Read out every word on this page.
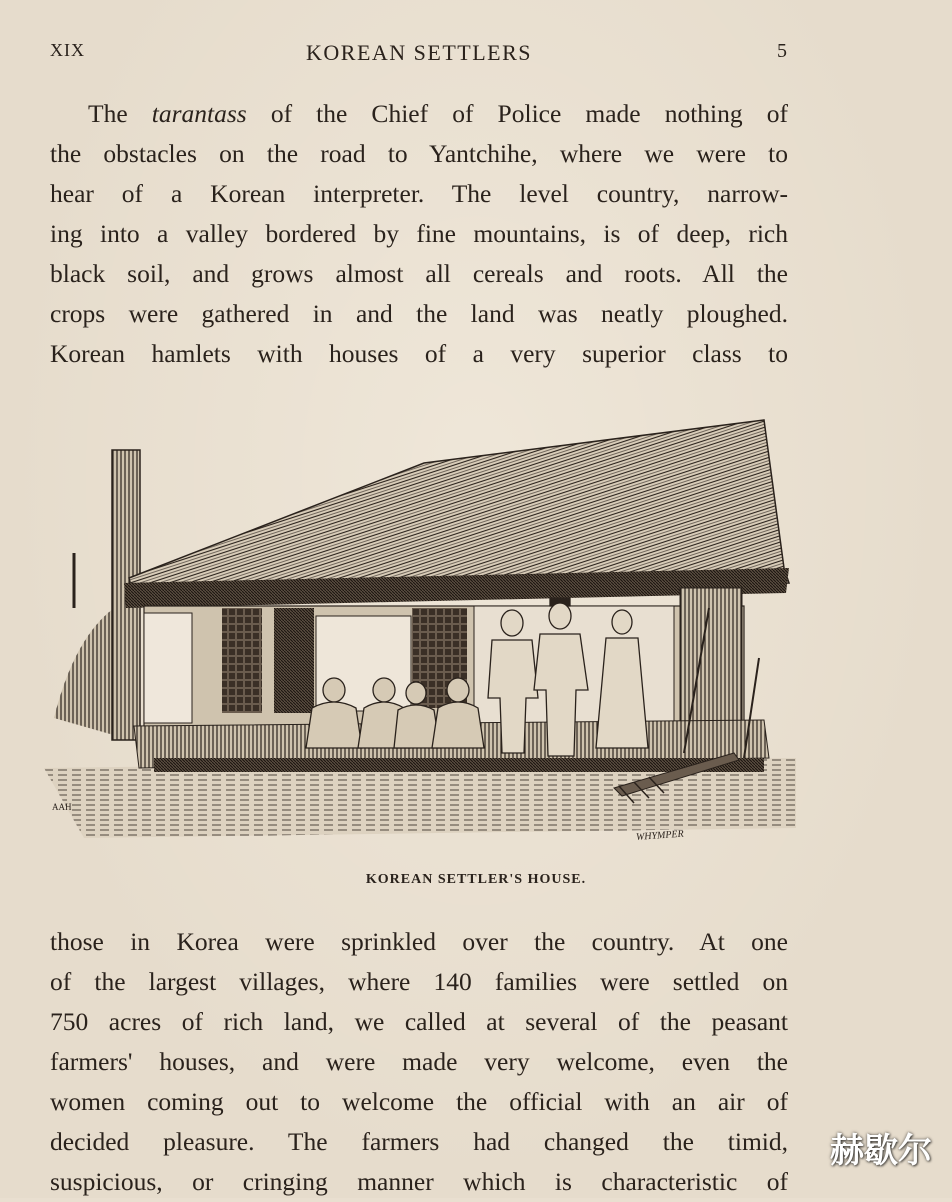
XIX	KOREAN SETTLERS	5

The tarantass of the Chief of Police made nothing of
the obstacles on the road to Yantchihe, where we were to
hear of a Korean interpreter. The level country, narrow-
ing into a valley bordered by fine mountains, is of deep, rich
black soil, and grows almost all cereals and roots. All the
crops were gathered in and the land was neatly ploughed.
Korean hamlets with houses of a very superior class to

AAH
WHYMPER
KOREAN SETTLER'S HOUSE.

those in Korea were sprinkled over the country. At one
of the largest villages, where 140 families were settled on
750 acres of rich land, we called at several of the peasant
farmers' houses, and were made very welcome, even the
women coming out to welcome the official with an air of
decided pleasure. The farmers had changed the timid,
suspicious, or cringing manner which is characteristic of

赫歇尔
